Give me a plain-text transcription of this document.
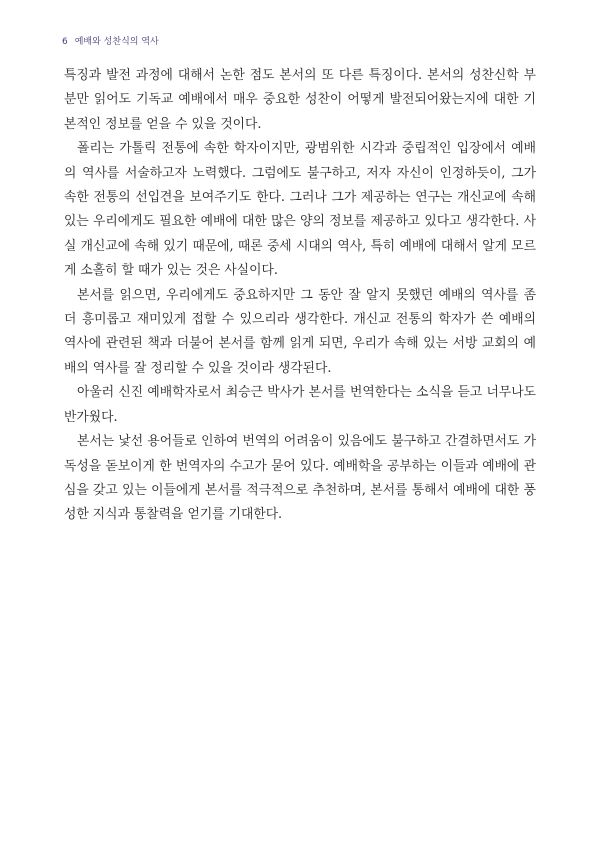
6 예배와 성찬식의 역사

특징과 발전 과정에 대해서 논한 점도 본서의 또 다른 특징이다. 본서의 성찬신학 부분만 읽어도 기독교 예배에서 매우 중요한 성찬이 어떻게 발전되어왔는지에 대한 기본적인 정보를 얻을 수 있을 것이다.

폴리는 가톨릭 전통에 속한 학자이지만, 광범위한 시각과 중립적인 입장에서 예배의 역사를 서술하고자 노력했다. 그럼에도 불구하고, 저자 자신이 인정하듯이, 그가 속한 전통의 선입견을 보여주기도 한다. 그러나 그가 제공하는 연구는 개신교에 속해 있는 우리에게도 필요한 예배에 대한 많은 양의 정보를 제공하고 있다고 생각한다. 사실 개신교에 속해 있기 때문에, 때론 중세 시대의 역사, 특히 예배에 대해서 알게 모르게 소홀히 할 때가 있는 것은 사실이다.

본서를 읽으면, 우리에게도 중요하지만 그 동안 잘 알지 못했던 예배의 역사를 좀 더 흥미롭고 재미있게 접할 수 있으리라 생각한다. 개신교 전통의 학자가 쓴 예배의 역사에 관련된 책과 더불어 본서를 함께 읽게 되면, 우리가 속해 있는 서방 교회의 예배의 역사를 잘 정리할 수 있을 것이라 생각된다.

아울러 신진 예배학자로서 최승근 박사가 본서를 번역한다는 소식을 듣고 너무나도 반가웠다.

본서는 낯선 용어들로 인하여 번역의 어려움이 있음에도 불구하고 간결하면서도 가독성을 돋보이게 한 번역자의 수고가 묻어 있다. 예배학을 공부하는 이들과 예배에 관심을 갖고 있는 이들에게 본서를 적극적으로 추천하며, 본서를 통해서 예배에 대한 풍성한 지식과 통찰력을 얻기를 기대한다.
